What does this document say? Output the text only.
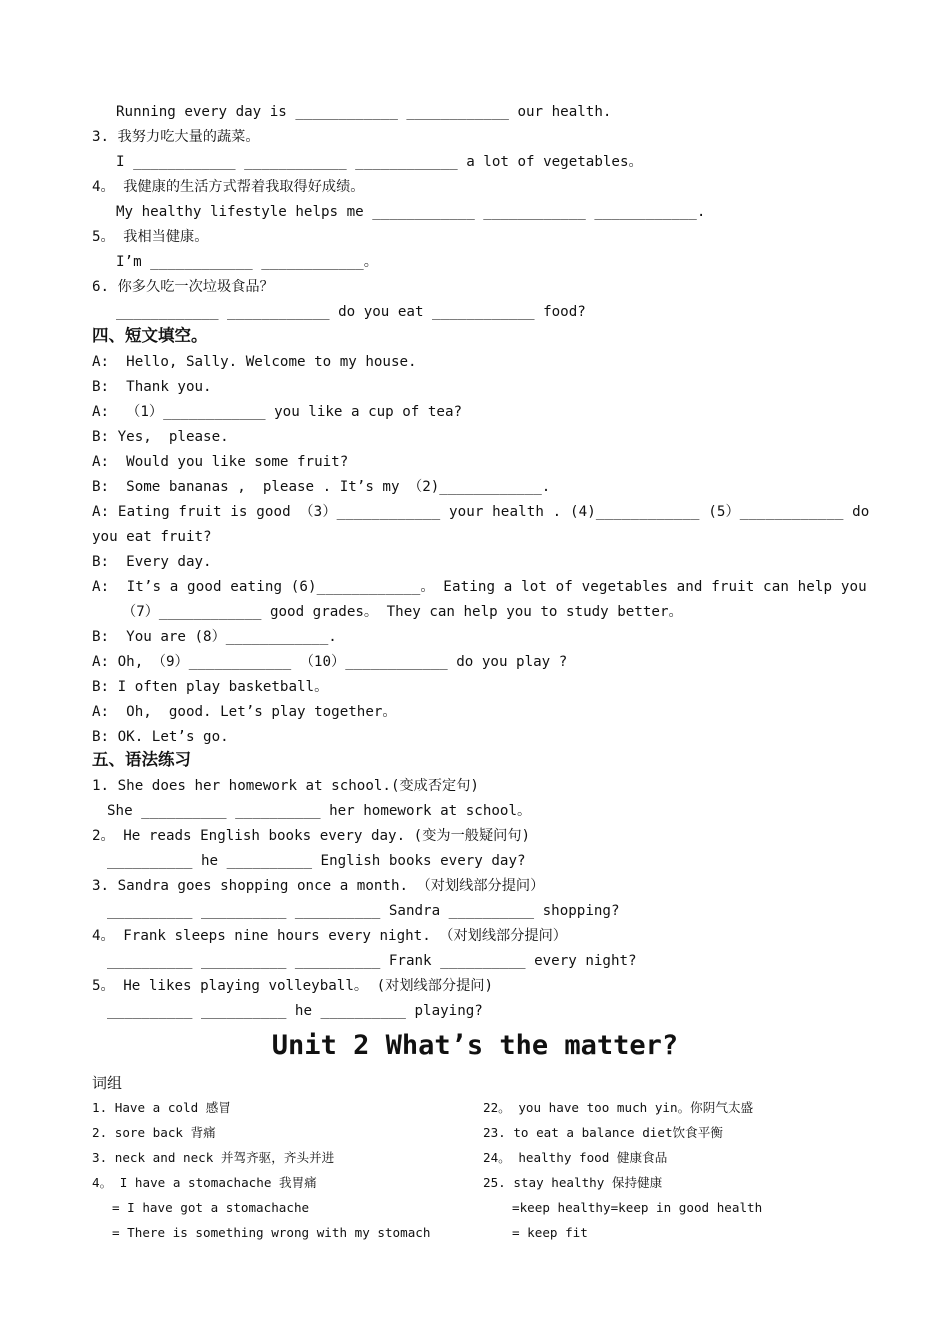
Running every day is ____________ ____________ our health.
3. 我努力吃大量的蔬菜。
I ____________ ____________ ____________ a lot of vegetables。
4。 我健康的生活方式帮着我取得好成绩。
My healthy lifestyle helps me ____________ ____________ ____________.
5。 我相当健康。
I’m ____________ ____________。
6. 你多久吃一次垃圾食品？
____________ ____________ do you eat ____________ food?
四、短文填空。
A:  Hello, Sally. Welcome to my house.
B:  Thank you.
A:  （1）____________ you like a cup of tea?
B: Yes,  please.
A:  Would you like some fruit?
B:  Some bananas ,  please . It’s my （2)____________.
A: Eating fruit is good （3）____________ your health . (4)____________ (5）____________ do
you eat fruit?
B:  Every day.
A:  It’s a good eating (6)____________。 Eating a lot of vegetables and fruit can help you
（7）____________ good grades。 They can help you to study better。
B:  You are (8）____________.
A: Oh, （9）____________ （10）____________ do you play ?
B: I often play basketball。
A:  Oh,  good. Let’s play together。
B: OK. Let’s go.
五、语法练习
1. She does her homework at school.(变成否定句)
She __________ __________ her homework at school。
2。 He reads English books every day. (变为一般疑问句)
__________ he __________ English books every day?
3. Sandra goes shopping once a month. （对划线部分提问）
__________ __________ __________ Sandra __________ shopping?
4。 Frank sleeps nine hours every night. （对划线部分提问）
__________ __________ __________ Frank __________ every night?
5。 He likes playing volleyball。 (对划线部分提问)
__________ __________ he __________ playing?
Unit 2 What’s the matter?
词组
1. Have a cold 感冒
2. sore back 背痛
3. neck and neck 并驾齐驱，齐头并进
4。 I have a stomachache 我胃痛
= I have got a stomachache
= There is something wrong with my stomach
22。 you have too much yin。你阴气太盛
23. to eat a balance diet饮食平衡
24。 healthy food 健康食品
25. stay healthy 保持健康
=keep healthy=keep in good health
= keep fit
